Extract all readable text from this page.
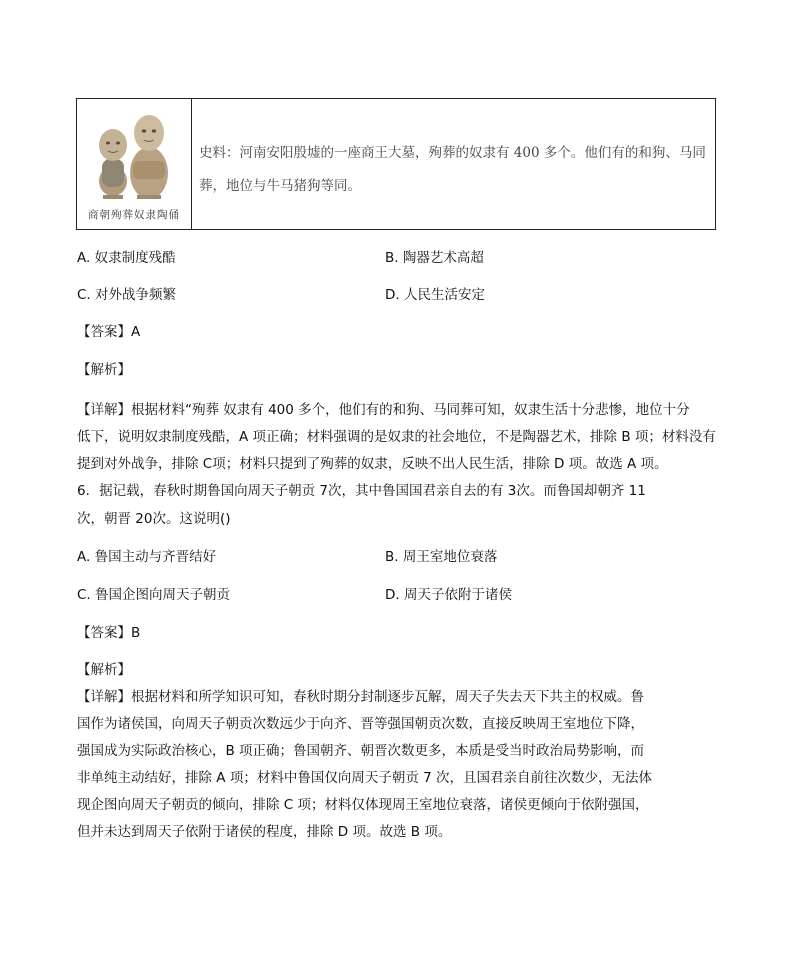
商朝殉葬奴隶陶俑
史料：河南安阳殷墟的一座商王大墓，殉葬的奴隶有 400 多个。他们有的和狗、马同
葬，地位与牛马猪狗等同。
A. 奴隶制度残酷	B. 陶器艺术高超
C. 对外战争频繁	D. 人民生活安定
【答案】A
【解析】
【详解】根据材料“殉葬 奴隶有 400 多个，他们有的和狗、马同葬可知，奴隶生活十分悲惨，地位十分
低下，说明奴隶制度残酷，A 项正确；材料强调的是奴隶的社会地位，不是陶器艺术，排除 B 项；材料没有
提到对外战争，排除 C项；材料只提到了殉葬的奴隶，反映不出人民生活，排除 D 项。故选 A 项。
6．据记载，春秋时期鲁国向周天子朝贡 7次，其中鲁国国君亲自去的有 3次。而鲁国却朝齐 11
次，朝晋 20次。这说明()
A. 鲁国主动与齐晋结好	B. 周王室地位衰落
C. 鲁国企图向周天子朝贡	D. 周天子依附于诸侯
【答案】B
【解析】
【详解】根据材料和所学知识可知，春秋时期分封制逐步瓦解，周天子失去天下共主的权威。鲁
国作为诸侯国，向周天子朝贡次数远少于向齐、晋等强国朝贡次数，直接反映周王室地位下降，
强国成为实际政治核心，B 项正确；鲁国朝齐、朝晋次数更多，本质是受当时政治局势影响，而
非单纯主动结好，排除 A 项；材料中鲁国仅向周天子朝贡 7 次，且国君亲自前往次数少，无法体
现企图向周天子朝贡的倾向，排除 C 项；材料仅体现周王室地位衰落，诸侯更倾向于依附强国，
但并未达到周天子依附于诸侯的程度，排除 D 项。故选 B 项。
